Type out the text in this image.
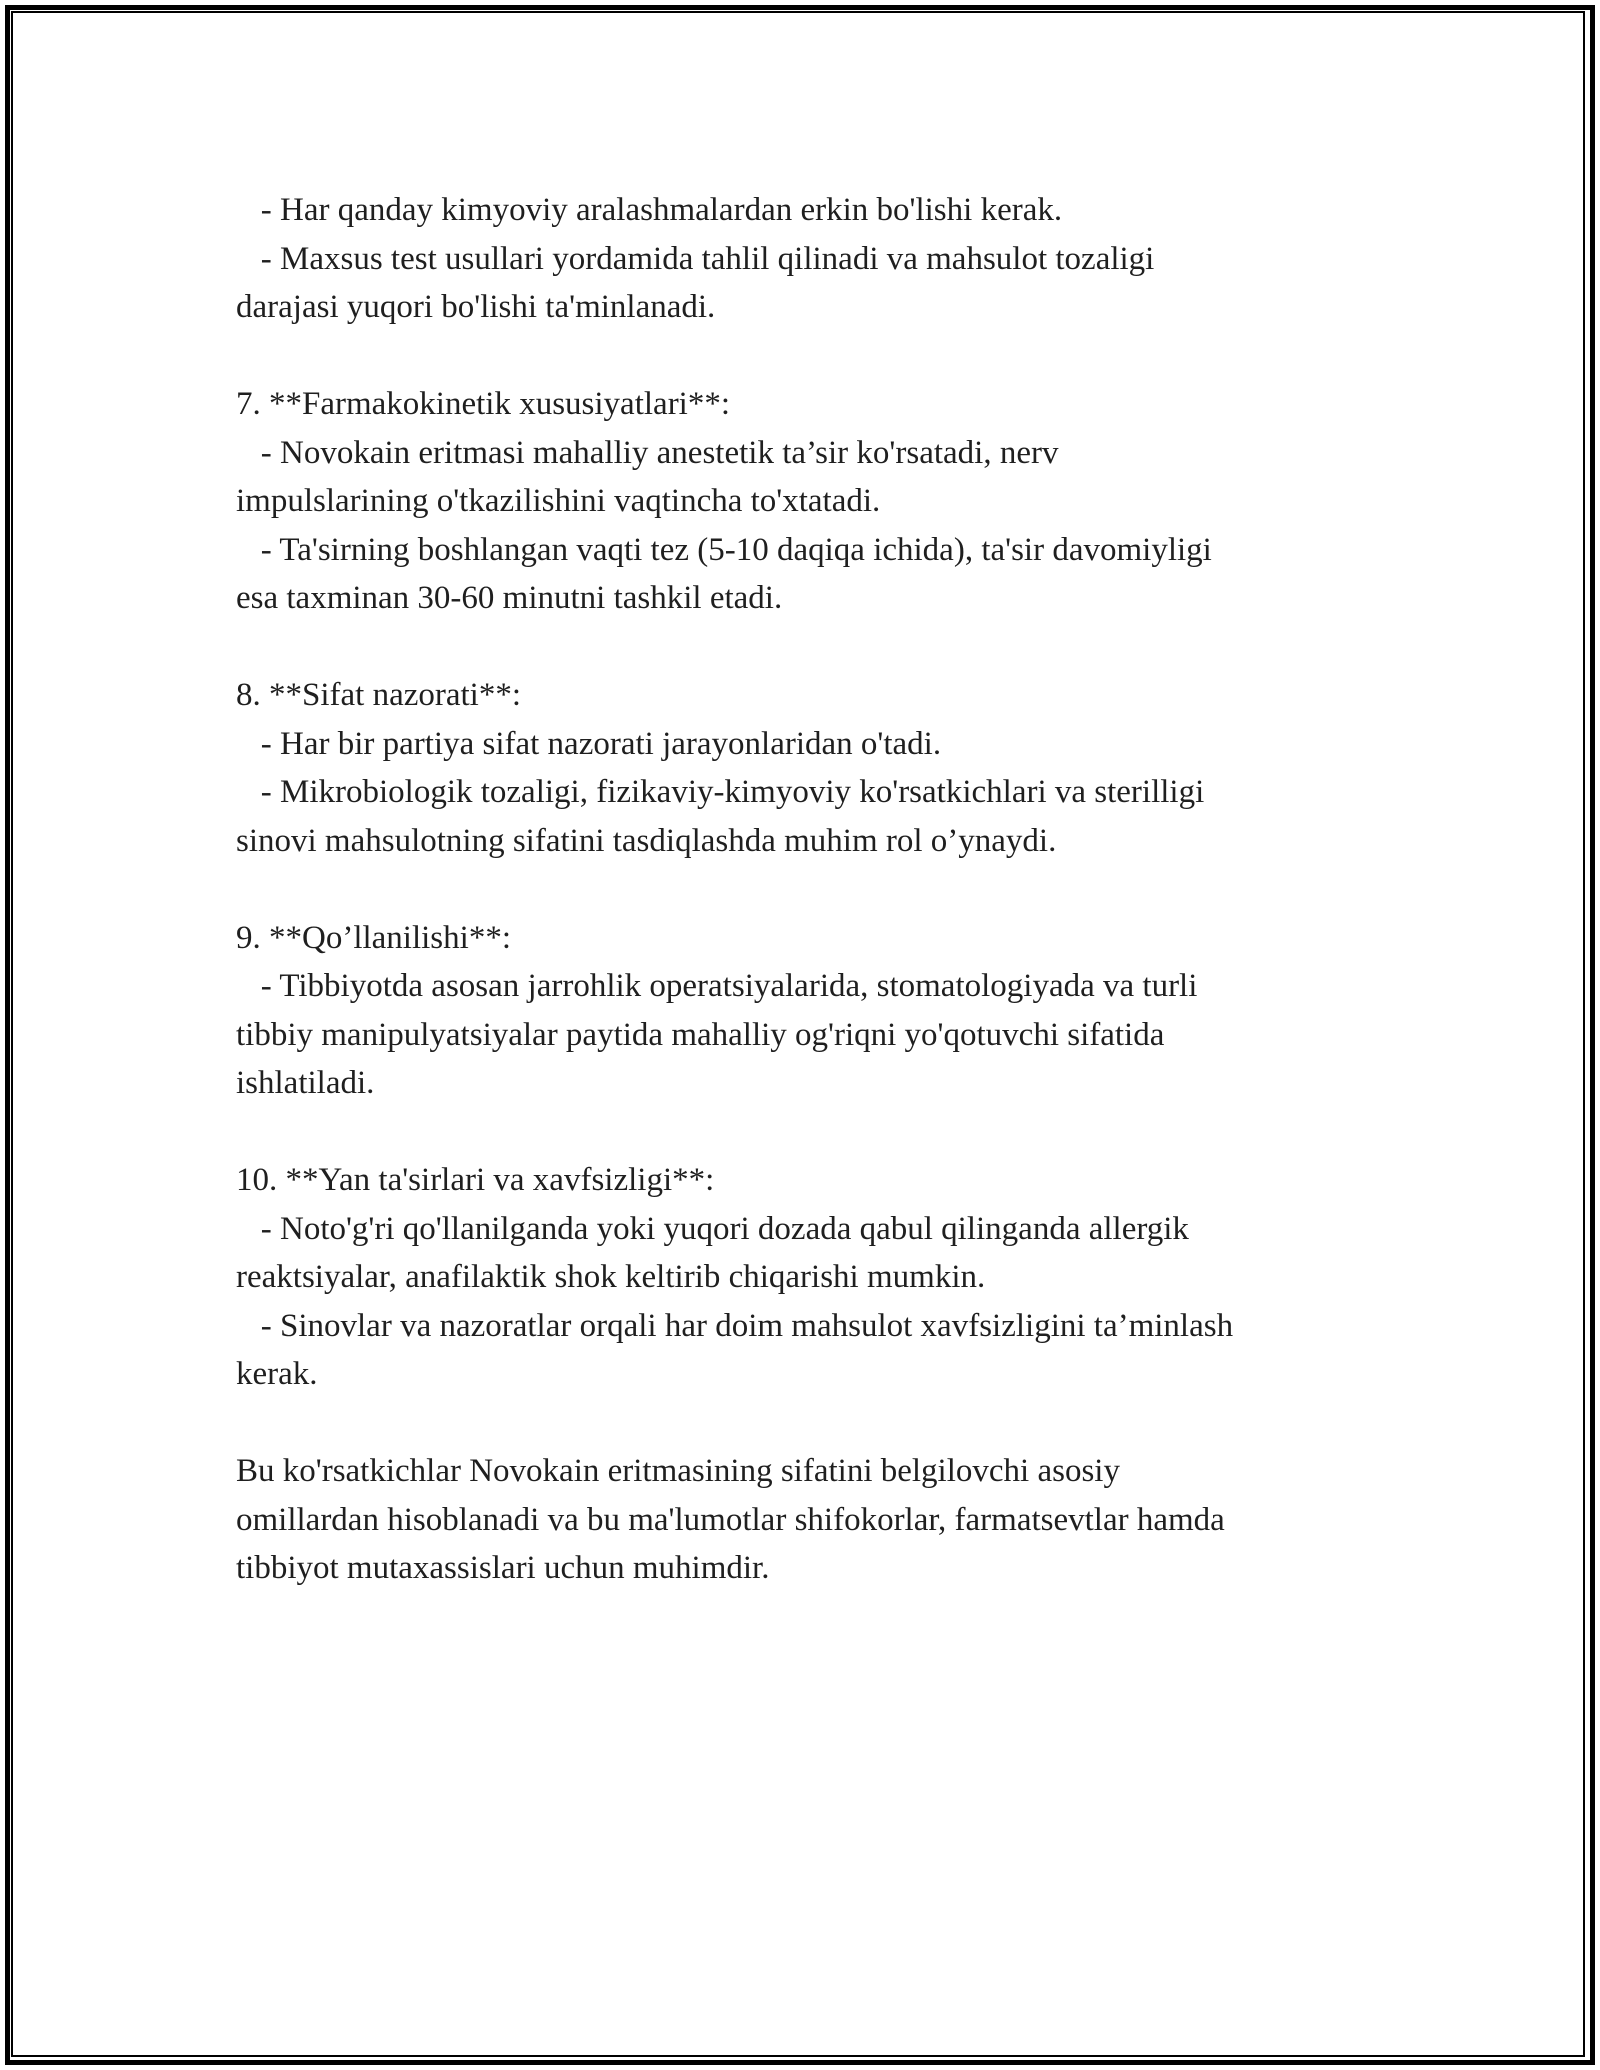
- Har qanday kimyoviy aralashmalardan erkin bo'lishi kerak.
- Maxsus test usullari yordamida tahlil qilinadi va mahsulot tozaligi
darajasi yuqori bo'lishi ta'minlanadi.
7. **Farmakokinetik xususiyatlari**:
- Novokain eritmasi mahalliy anestetik ta’sir ko'rsatadi, nerv
impulslarining o'tkazilishini vaqtincha to'xtatadi.
- Ta'sirning boshlangan vaqti tez (5-10 daqiqa ichida), ta'sir davomiyligi
esa taxminan 30-60 minutni tashkil etadi.
8. **Sifat nazorati**:
- Har bir partiya sifat nazorati jarayonlaridan o'tadi.
- Mikrobiologik tozaligi, fizikaviy-kimyoviy ko'rsatkichlari va sterilligi
sinovi mahsulotning sifatini tasdiqlashda muhim rol o’ynaydi.
9. **Qo’llanilishi**:
- Tibbiyotda asosan jarrohlik operatsiyalarida, stomatologiyada va turli
tibbiy manipulyatsiyalar paytida mahalliy og'riqni yo'qotuvchi sifatida
ishlatiladi.
10. **Yan ta'sirlari va xavfsizligi**:
- Noto'g'ri qo'llanilganda yoki yuqori dozada qabul qilinganda allergik
reaktsiyalar, anafilaktik shok keltirib chiqarishi mumkin.
- Sinovlar va nazoratlar orqali har doim mahsulot xavfsizligini ta’minlash
kerak.
Bu ko'rsatkichlar Novokain eritmasining sifatini belgilovchi asosiy
omillardan hisoblanadi va bu ma'lumotlar shifokorlar, farmatsevtlar hamda
tibbiyot mutaxassislari uchun muhimdir.
